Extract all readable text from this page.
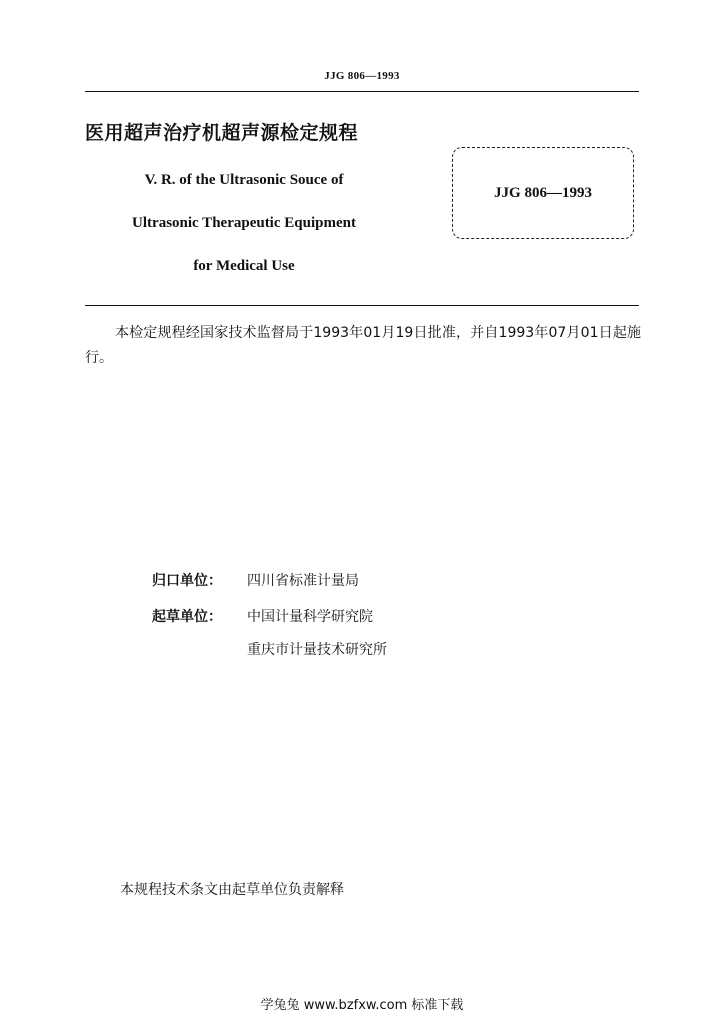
JJG 806—1993
医用超声治疗机超声源检定规程
V. R. of the Ultrasonic Souce of
Ultrasonic Therapeutic Equipment
for Medical Use
JJG 806—1993
本检定规程经国家技术监督局于1993年01月19日批准，并自1993年07月01日起施行。
归口单位： 四川省标准计量局
起草单位： 中国计量科学研究院
重庆市计量技术研究所
本规程技术条文由起草单位负责解释
学兔兔 www.bzfxw.com 标准下载
